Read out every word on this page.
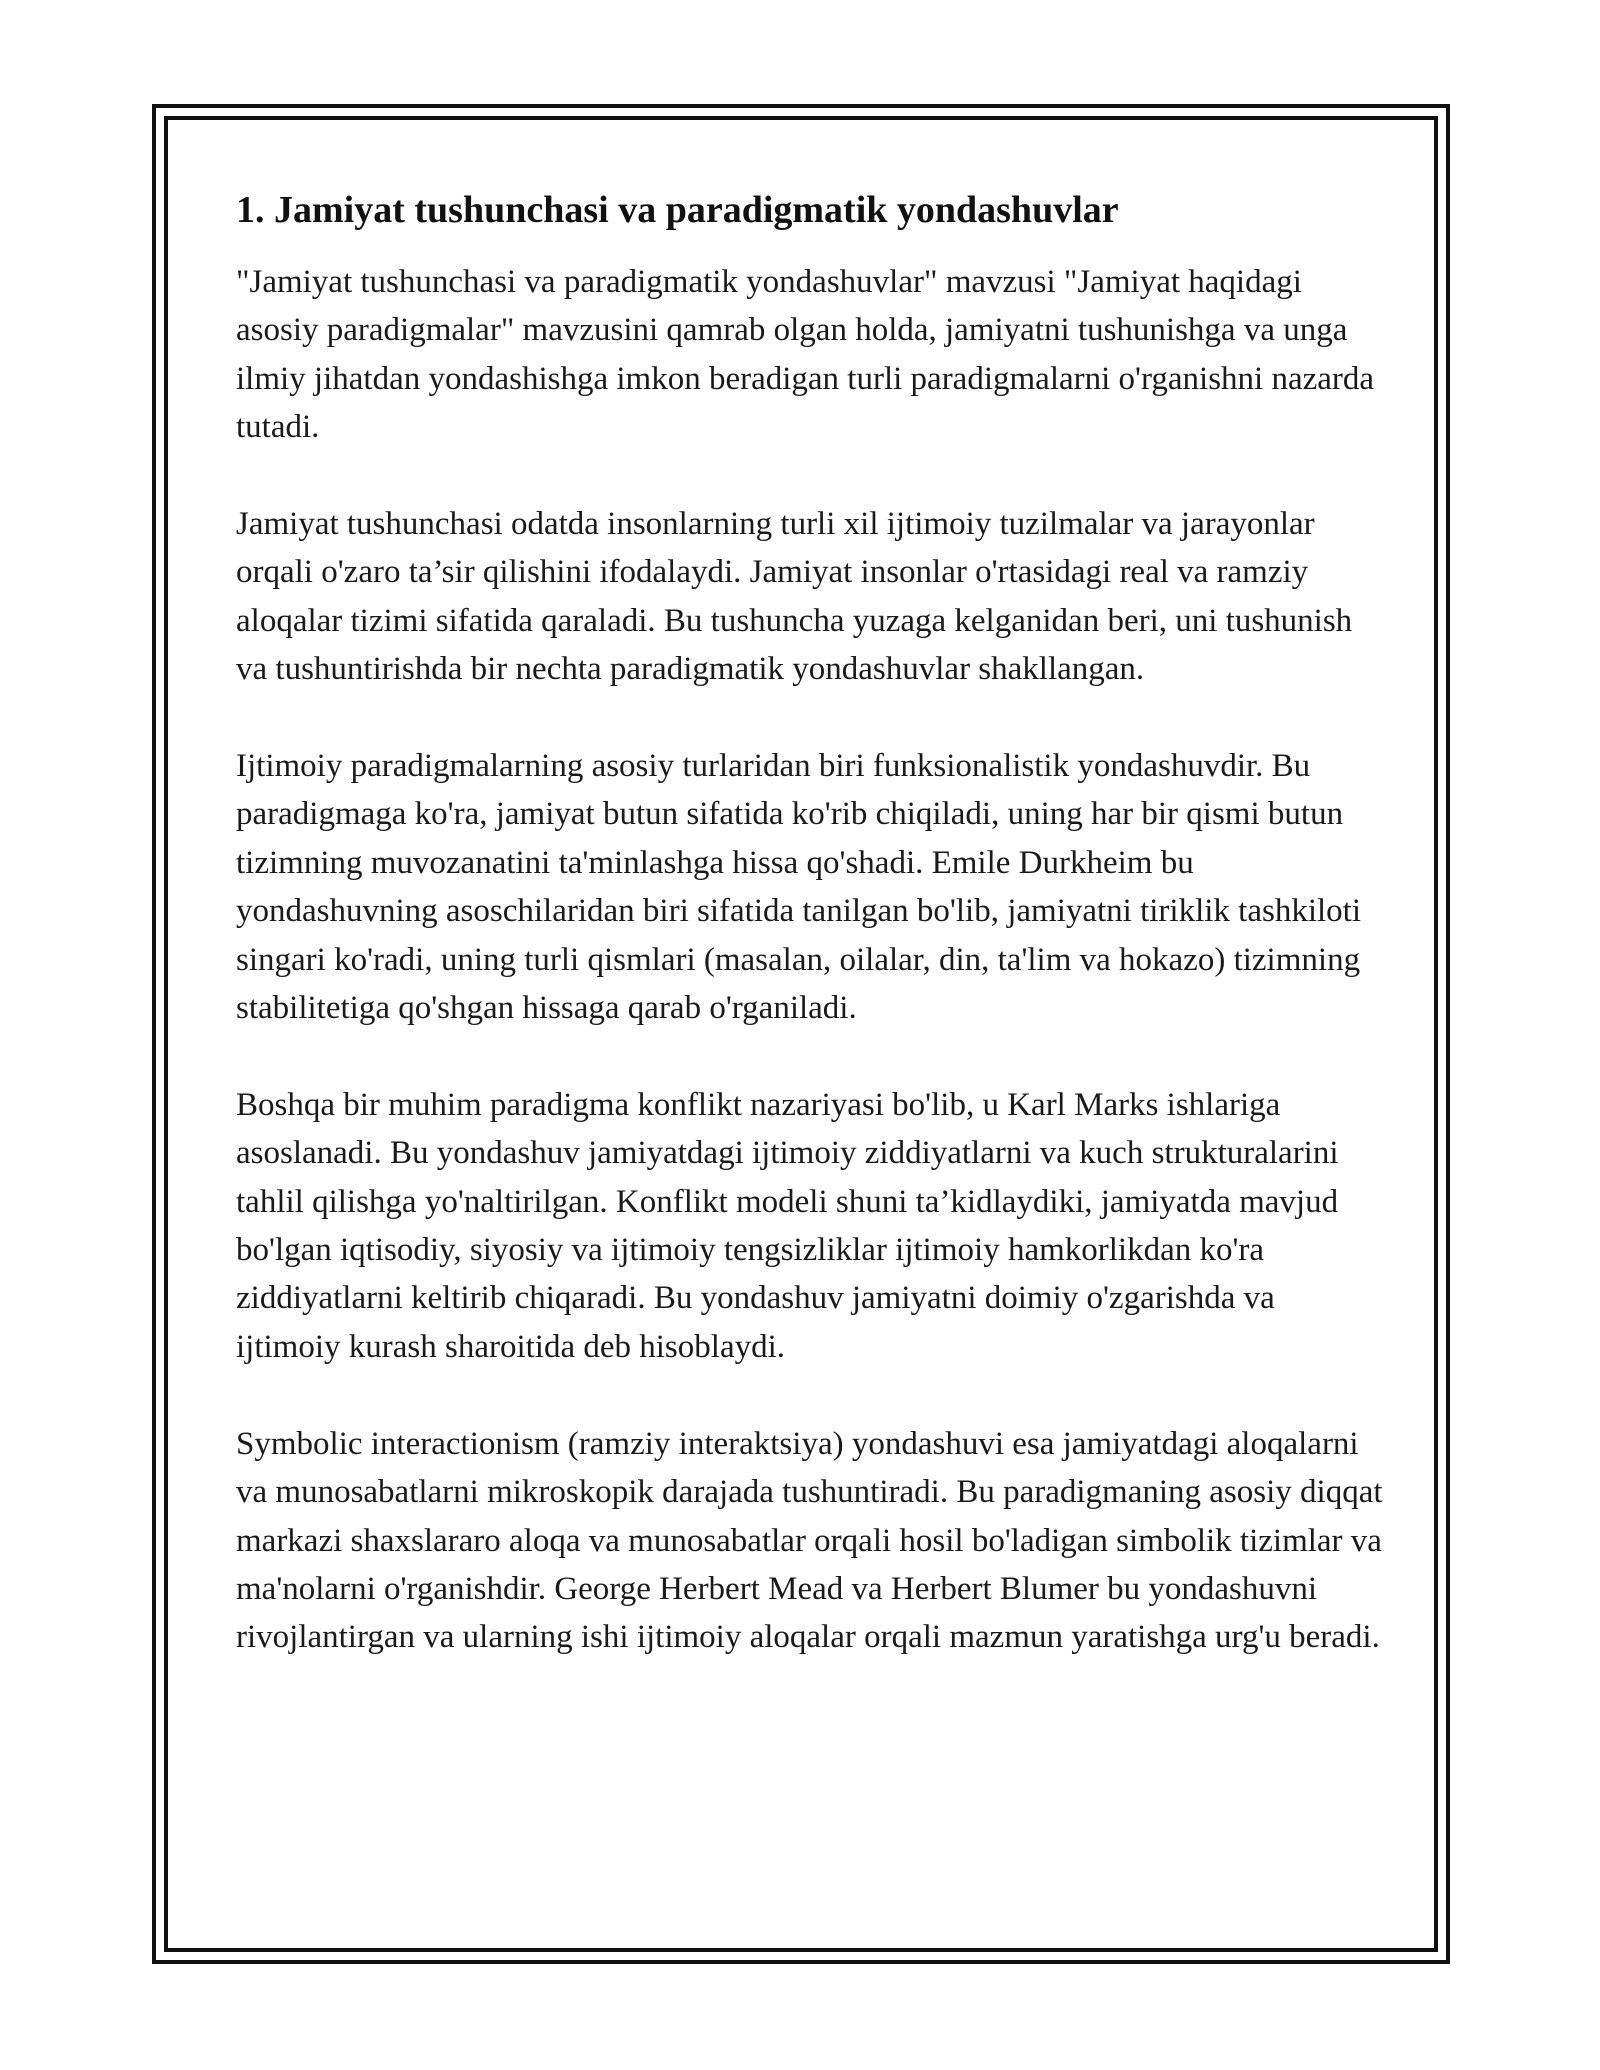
1. Jamiyat tushunchasi va paradigmatik yondashuvlar

"Jamiyat tushunchasi va paradigmatik yondashuvlar" mavzusi "Jamiyat haqidagi asosiy paradigmalar" mavzusini qamrab olgan holda, jamiyatni tushunishga va unga ilmiy jihatdan yondashishga imkon beradigan turli paradigmalarni o'rganishni nazarda tutadi.

Jamiyat tushunchasi odatda insonlarning turli xil ijtimoiy tuzilmalar va jarayonlar orqali o'zaro ta’sir qilishini ifodalaydi. Jamiyat insonlar o'rtasidagi real va ramziy aloqalar tizimi sifatida qaraladi. Bu tushuncha yuzaga kelganidan beri, uni tushunish va tushuntirishda bir nechta paradigmatik yondashuvlar shakllangan.

Ijtimoiy paradigmalarning asosiy turlaridan biri funksionalistik yondashuvdir. Bu paradigmaga ko'ra, jamiyat butun sifatida ko'rib chiqiladi, uning har bir qismi butun tizimning muvozanatini ta'minlashga hissa qo'shadi. Emile Durkheim bu yondashuvning asoschilaridan biri sifatida tanilgan bo'lib, jamiyatni tiriklik tashkiloti singari ko'radi, uning turli qismlari (masalan, oilalar, din, ta'lim va hokazo) tizimning stabilitetiga qo'shgan hissaga qarab o'rganiladi.

Boshqa bir muhim paradigma konflikt nazariyasi bo'lib, u Karl Marks ishlariga asoslanadi. Bu yondashuv jamiyatdagi ijtimoiy ziddiyatlarni va kuch strukturalarini tahlil qilishga yo'naltirilgan. Konflikt modeli shuni ta’kidlaydiki, jamiyatda mavjud bo'lgan iqtisodiy, siyosiy va ijtimoiy tengsizliklar ijtimoiy hamkorlikdan ko'ra ziddiyatlarni keltirib chiqaradi. Bu yondashuv jamiyatni doimiy o'zgarishda va ijtimoiy kurash sharoitida deb hisoblaydi.

Symbolic interactionism (ramziy interaktsiya) yondashuvi esa jamiyatdagi aloqalarni va munosabatlarni mikroskopik darajada tushuntiradi. Bu paradigmaning asosiy diqqat markazi shaxslararo aloqa va munosabatlar orqali hosil bo'ladigan simbolik tizimlar va ma'nolarni o'rganishdir. George Herbert Mead va Herbert Blumer bu yondashuvni rivojlantirgan va ularning ishi ijtimoiy aloqalar orqali mazmun yaratishga urg'u beradi.
